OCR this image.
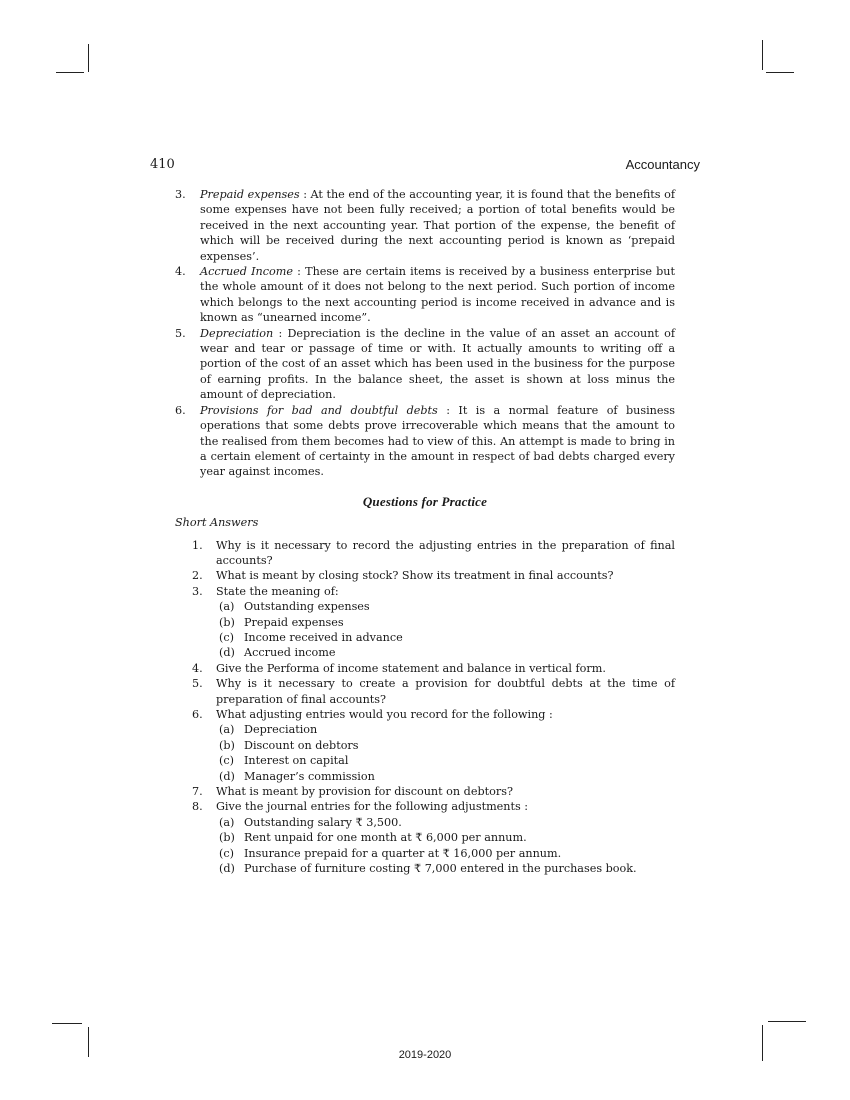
410	Accountancy

3. Prepaid expenses : At the end of the accounting year, it is found that the benefits of some expenses have not been fully received; a portion of total benefits would be received in the next accounting year. That portion of the expense, the benefit of which will be received during the next accounting period is known as ‘prepaid expenses’.

4. Accrued Income : These are certain items is received by a business enterprise but the whole amount of it does not belong to the next period. Such portion of income which belongs to the next accounting period is income received in advance and is known as “unearned income”.

5. Depreciation : Depreciation is the decline in the value of an asset an account of wear and tear or passage of time or with. It actually amounts to writing off a portion of the cost of an asset which has been used in the business for the purpose of earning profits. In the balance sheet, the asset is shown at loss minus the amount of depreciation.

6. Provisions for bad and doubtful debts : It is a normal feature of business operations that some debts prove irrecoverable which means that the amount to the realised from them becomes had to view of this. An attempt is made to bring in a certain element of certainty in the amount in respect of bad debts charged every year against incomes.

Questions for Practice
Short Answers
1. Why is it necessary to record the adjusting entries in the preparation of final accounts?
2. What is meant by closing stock? Show its treatment in final accounts?
3. State the meaning of:
(a) Outstanding expenses
(b) Prepaid expenses
(c) Income received in advance
(d) Accrued income
4. Give the Performa of income statement and balance in vertical form.
5. Why is it necessary to create a provision for doubtful debts at the time of preparation of final accounts?
6. What adjusting entries would you record for the following :
(a) Depreciation
(b) Discount on debtors
(c) Interest on capital
(d) Manager’s commission
7. What is meant by provision for discount on debtors?
8. Give the journal entries for the following adjustments :
(a) Outstanding salary ₹ 3,500.
(b) Rent unpaid for one month at ₹ 6,000 per annum.
(c) Insurance prepaid for a quarter at ₹ 16,000 per annum.
(d) Purchase of furniture costing ₹ 7,000 entered in the purchases book.
2019-2020
